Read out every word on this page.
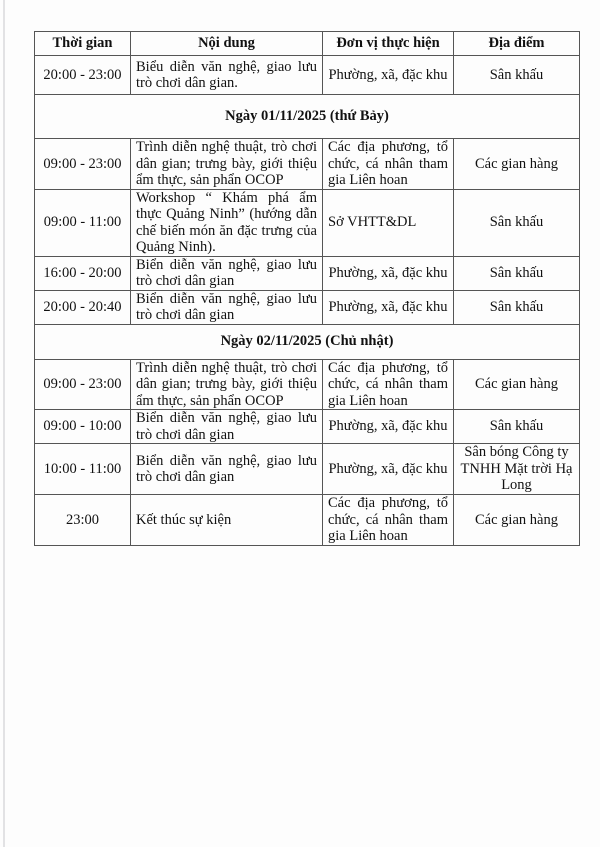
Thời gian	Nội dung	Đơn vị thực hiện	Địa điểm
20:00 - 23:00	Biểu diễn văn nghệ, giao lưu trò chơi dân gian.	Phường, xã, đặc khu	Sân khấu
Ngày 01/11/2025 (thứ Bảy)			
09:00 - 23:00	Trình diễn nghệ thuật, trò chơi dân gian; trưng bày, giới thiệu ẩm thực, sản phẩn OCOP	Các địa phương, tổ chức, cá nhân tham gia Liên hoan	Các gian hàng
09:00 - 11:00	Workshop “ Khám phá ẩm thực Quảng Ninh” (hướng dẫn chế biến món ăn đặc trưng của Quảng Ninh).	Sở VHTT&DL	Sân khấu
16:00 - 20:00	Biển diễn văn nghệ, giao lưu trò chơi dân gian	Phường, xã, đặc khu	Sân khấu
20:00 - 20:40	Biển diễn văn nghệ, giao lưu trò chơi dân gian	Phường, xã, đặc khu	Sân khấu
Ngày 02/11/2025 (Chủ nhật)			
09:00 - 23:00	Trình diễn nghệ thuật, trò chơi dân gian; trưng bày, giới thiệu ẩm thực, sản phẩn OCOP	Các địa phương, tổ chức, cá nhân tham gia Liên hoan	Các gian hàng
09:00 - 10:00	Biển diễn văn nghệ, giao lưu trò chơi dân gian	Phường, xã, đặc khu	Sân khấu
10:00 - 11:00	Biển diễn văn nghệ, giao lưu trò chơi dân gian	Phường, xã, đặc khu	Sân bóng Công ty TNHH Mặt trời Hạ Long
23:00	Kết thúc sự kiện	Các địa phương, tổ chức, cá nhân tham gia Liên hoan	Các gian hàng
